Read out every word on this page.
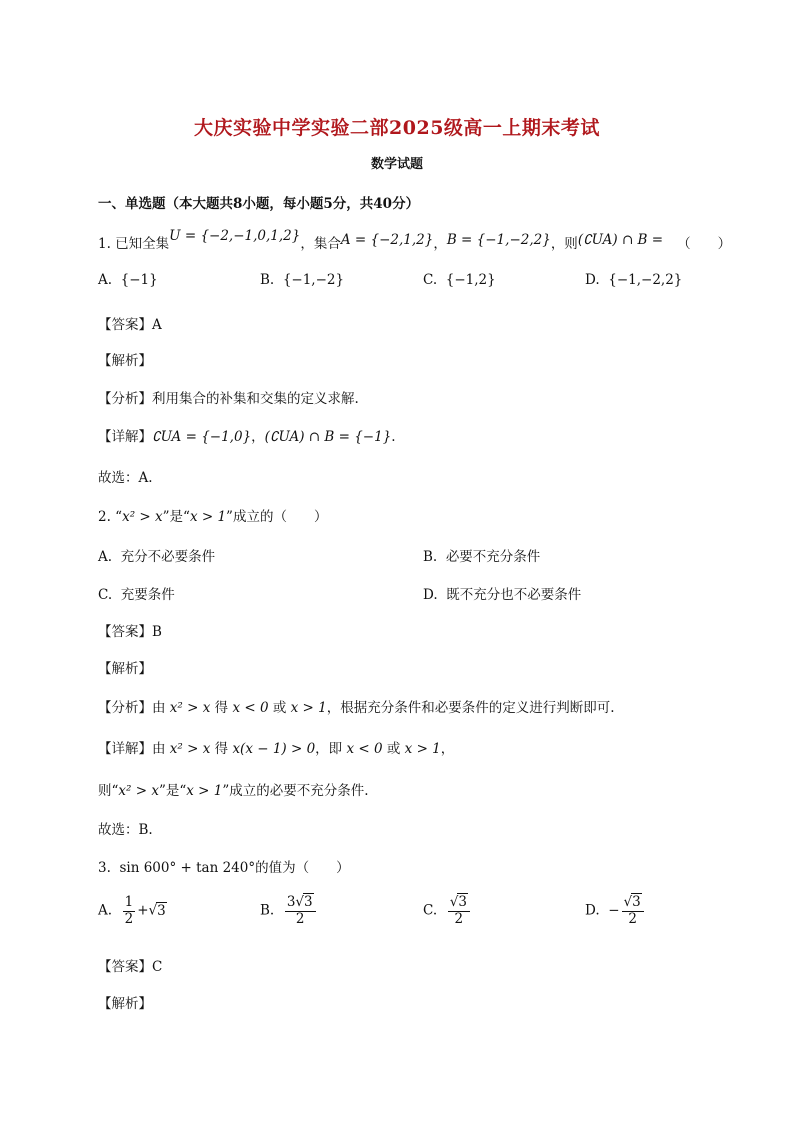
大庆实验中学实验二部2025级高一上期末考试
数学试题
一、单选题（本大题共8小题，每小题5分，共40分）
1. 已知全集U = {−2,−1,0,1,2}，集合A = {−2,1,2}，B = {−1,−2,2}，则(∁UA) ∩ B = （　　）
A. {−1}	B. {−1,−2}	C. {−1,2}	D. {−1,−2,2}
【答案】A
【解析】
【分析】利用集合的补集和交集的定义求解.
【详解】∁UA = {−1,0}，(∁UA) ∩ B = {−1}.
故选：A.
2. “x² > x”是“x > 1”成立的（　　）
A. 充分不必要条件	B. 必要不充分条件
C. 充要条件	D. 既不充分也不必要条件
【答案】B
【解析】
【分析】由 x² > x 得 x < 0 或 x > 1，根据充分条件和必要条件的定义进行判断即可.
【详解】由 x² > x 得 x(x − 1) > 0，即 x < 0 或 x > 1，
则“x² > x”是“x > 1”成立的必要不充分条件.
故选：B.
3. sin 600° + tan 240°的值为（　　）
A. $\frac{1}{2} +√3$	B. $\frac{3√3}{2}$	C. $\frac{√3}{2}$	D.  − $\frac{√3}{2}$
【答案】C
【解析】
